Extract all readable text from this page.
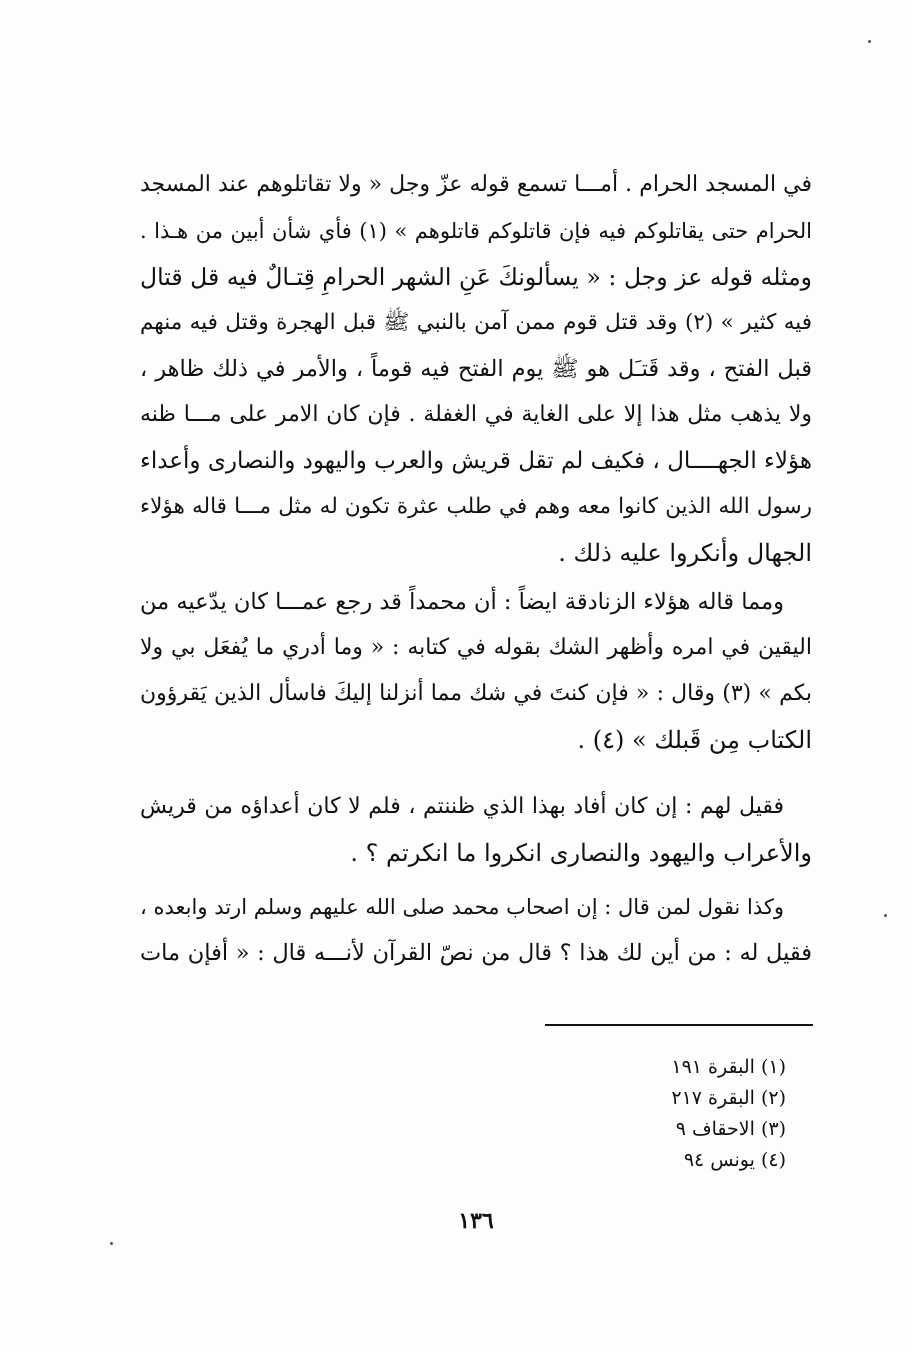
في المسجد الحرام . أمـــا تسمع قوله عزّ وجل « ولا تقاتلوهم عند المسجد
الحرام حتى يقاتلوكم فيه فإن قاتلوكم قاتلوهم » (١) فأي شأن أبين من هـذا .
ومثله قوله عز وجل : « يسألونكَ عَنِ الشهر الحرامِ قِتـالٌ فيه قل قتال
فيه كثير » (٢) وقد قتل قوم ممن آمن بالنبي ﷺ قبل الهجرة وقتل فيه منهم
قبل الفتح ، وقد قَتـَل هو ﷺ يوم الفتح فيه قوماً ، والأمر في ذلك ظاهر ،
ولا يذهب مثل هذا إلا على الغاية في الغفلة . فإن كان الامر على مـــا ظنه
هؤلاء الجهــــال ، فكيف لم تقل قريش والعرب واليهود والنصارى وأعداء
رسول الله الذين كانوا معه وهم في طلب عثرة تكون له مثل مـــا قاله هؤلاء
الجهال وأنكروا عليه ذلك .
ومما قاله هؤلاء الزنادقة ايضاً : أن محمداً قد رجع عمـــا كان يدّعيه من
اليقين في امره وأظهر الشك بقوله في كتابه : « وما أدري ما يُفعَل بي ولا
بكم » (٣) وقال : « فإن كنتَ في شك مما أنزلنا إليكَ فاسأل الذين يَقرؤون
الكتاب مِن قَبلك » (٤) .
فقيل لهم : إن كان أفاد بهذا الذي ظننتم ، فلم لا كان أعداؤه من قريش
والأعراب واليهود والنصارى انكروا ما انكرتم ؟ .
وكذا نقول لمن قال : إن اصحاب محمد صلى الله عليهم وسلم ارتد وابعده ،
فقيل له : من أين لك هذا ؟ قال من نصّ القرآن لأنـــه قال : « أفإن مات
(١) البقرة ١٩١
(٢) البقرة ٢١٧
(٣) الاحقاف ٩
(٤) يونس ٩٤
١٣٦
